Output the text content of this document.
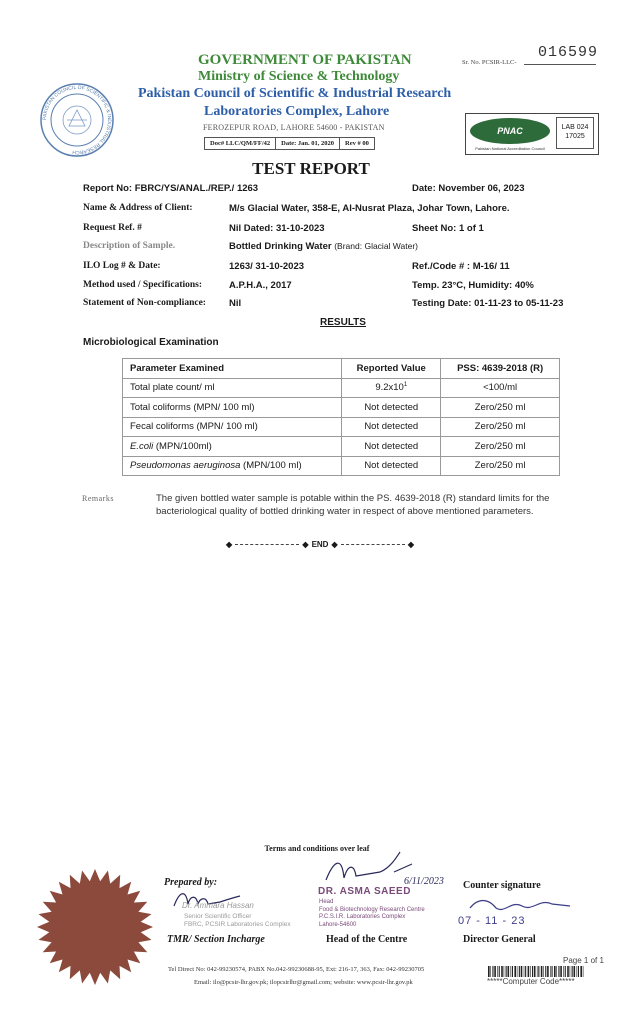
PAKISTAN COUNCIL OF SCIENTIFIC & INDUSTRIAL RESEARCH
GOVERNMENT OF PAKISTAN
Ministry of Science & Technology
Pakistan Council of Scientific & Industrial Research
Laboratories Complex, Lahore
FEROZEPUR ROAD, LAHORE 54600 - PAKISTAN
Doc# LLC/QM/FF/42	Date: Jan. 01, 2020	Rev # 00
Sr. No. PCSIR-LLC-
016599
PNAC
Pakistan National Accreditation Council
LAB 024
17025
TEST REPORT
Report No: FBRC/YS/ANAL./REP./ 1263	Date: November 06, 2023
Name & Address of Client:	M/s Glacial Water, 358-E, Al-Nusrat Plaza, Johar Town, Lahore.
Request Ref. #	Nil Dated: 31-10-2023	Sheet No: 1 of 1
Description of Sample.	Bottled Drinking Water (Brand: Glacial Water)
ILO Log # & Date:	1263/ 31-10-2023	Ref./Code # : M-16/ 11
Method used / Specifications:	A.P.H.A., 2017	Temp. 23°C, Humidity: 40%
Statement of Non-compliance: Nil	Testing Date: 01-11-23 to 05-11-23
RESULTS
Microbiological Examination
Parameter Examined	Reported Value	PSS: 4639-2018 (R)
Total plate count/ ml	$9.2x10^1$	<100/ml
Total coliforms (MPN/ 100 ml)	Not detected	Zero/250 ml
Fecal coliforms (MPN/ 100 ml)	Not detected	Zero/250 ml
E.coli (MPN/100ml)	Not detected	Zero/250 ml
Pseudomonas aeruginosa (MPN/100 ml)	Not detected	Zero/250 ml
Remarks	The given bottled water sample is potable within the PS. 4639-2018 (R) standard limits for the bacteriological quality of bottled drinking water in respect of above mentioned parameters.
◆	◆ END ◆	◆
Terms and conditions over leaf
Prepared by:
Dr. Ammara Hassan
Senior Scientific Officer
FBRC, PCSIR Laboratories Complex
TMR/ Section Incharge
6/11/2023
DR. ASMA SAEED
Head
Food & Biotechnology Research Centre
P.C.S.I.R. Laboratories Complex
Lahore-54600
Head of the Centre
Counter signature
07 - 11 - 23
Director General
Page 1 of 1
Tel Direct No: 042-99230574, PABX No.042-99230688-95, Ext: 216-17, 363, Fax: 042-99230705
Email: ilo@pcsir-lhr.gov.pk; ilopcsirlhr@gmail.com; website: www.pcsir-lhr.gov.pk	*****Computer Code*****
